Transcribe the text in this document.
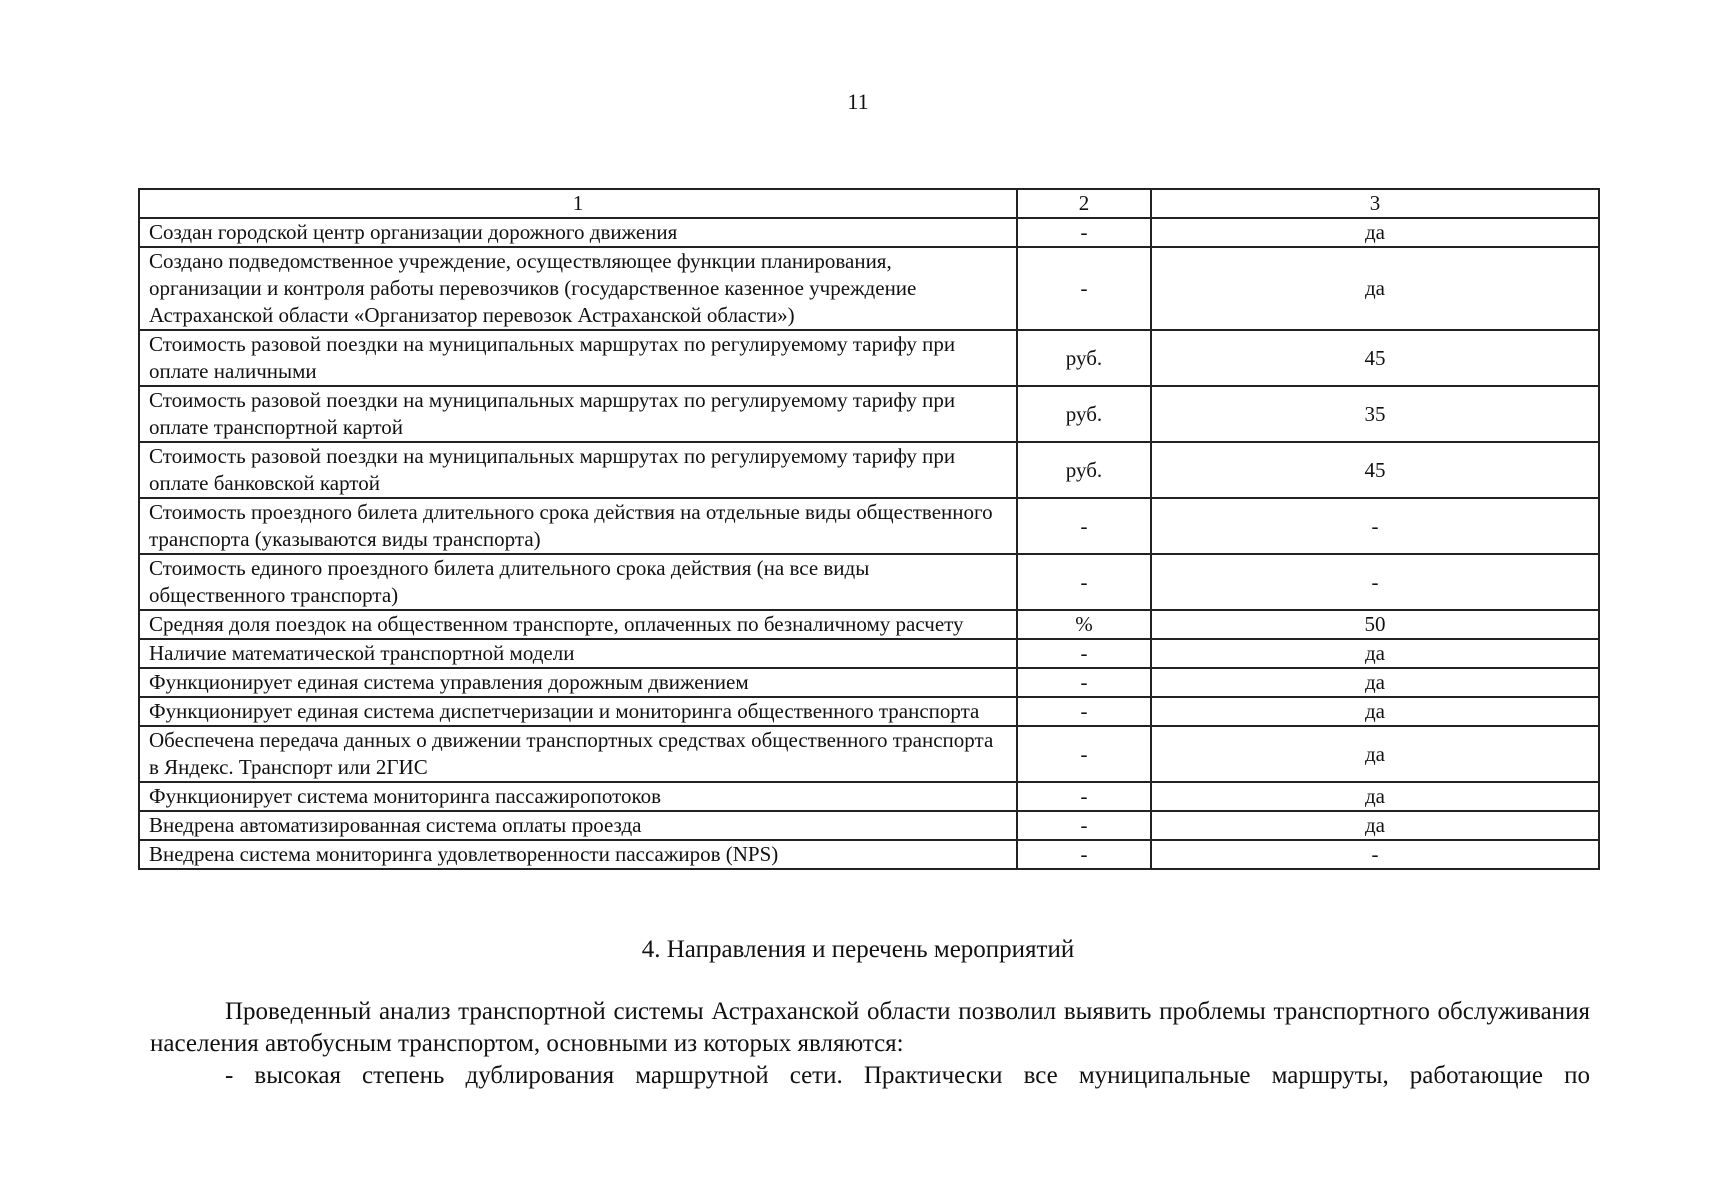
11
1	2	3
Создан городской центр организации дорожного движения	-	да
Создано подведомственное учреждение, осуществляющее функции планирования, организации и контроля работы перевозчиков (государственное казенное учреждение Астраханской области «Организатор перевозок Астраханской области»)	-	да
Стоимость разовой поездки на муниципальных маршрутах по регулируемому тарифу при оплате наличными	руб.	45
Стоимость разовой поездки на муниципальных маршрутах по регулируемому тарифу при оплате транспортной картой	руб.	35
Стоимость разовой поездки на муниципальных маршрутах по регулируемому тарифу при оплате банковской картой	руб.	45
Стоимость проездного билета длительного срока действия на отдельные виды общественного транспорта (указываются виды транспорта)	-	-
Стоимость единого проездного билета длительного срока действия (на все виды общественного транспорта)	-	-
Средняя доля поездок на общественном транспорте, оплаченных по безналичному расчету	%	50
Наличие математической транспортной модели	-	да
Функционирует единая система управления дорожным движением	-	да
Функционирует единая система диспетчеризации и мониторинга общественного транспорта	-	да
Обеспечена передача данных о движении транспортных средствах общественного транспорта в Яндекс. Транспорт или 2ГИС	-	да
Функционирует система мониторинга пассажиропотоков	-	да
Внедрена автоматизированная система оплаты проезда	-	да
Внедрена система мониторинга удовлетворенности пассажиров (NPS)	-	-
4. Направления и перечень мероприятий

Проведенный анализ транспортной системы Астраханской области позволил выявить проблемы транспортного обслуживания населения автобусным транспортом, основными из которых являются:

- высокая степень дублирования маршрутной сети. Практически все муниципальные маршруты, работающие по
